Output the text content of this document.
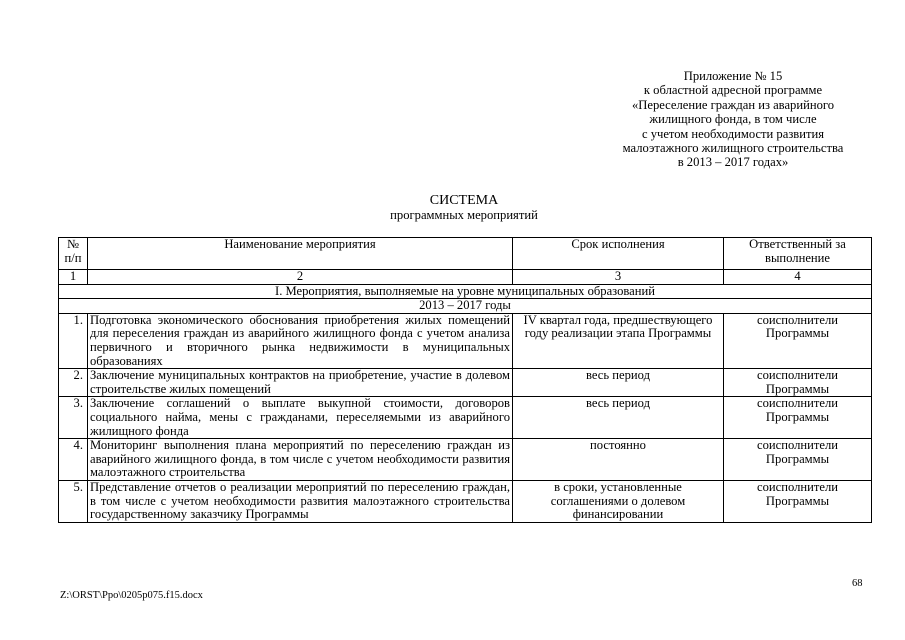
Приложение № 15
к областной адресной программе
«Переселение граждан из аварийного
жилищного фонда, в том числе
с учетом необходимости развития
малоэтажного жилищного строительства
в 2013 – 2017 годах»
СИСТЕМА
программных мероприятий
№ п/п	Наименование мероприятия	Срок исполнения	Ответственный за выполнение
1	2	3	4
I. Мероприятия, выполняемые на уровне муниципальных образований			
2013 – 2017 годы			
1.	Подготовка экономического обоснования приобретения жилых помещений для переселения граждан из аварийного жилищного фонда с учетом анализа первичного и вторичного рынка недвижимости в муниципальных образованиях	IV квартал года, предшествующего году реализации этапа Программы	соисполнители Программы
2.	Заключение муниципальных контрактов на приобретение, участие в долевом строительстве жилых помещений	весь период	соисполнители Программы
3.	Заключение соглашений о выплате выкупной стоимости, договоров социального найма, мены с гражданами, переселяемыми из аварийного жилищного фонда	весь период	соисполнители Программы
4.	Мониторинг выполнения плана мероприятий по переселению граждан из аварийного жилищного фонда, в том числе с учетом необходимости развития малоэтажного строительства	постоянно	соисполнители Программы
5.	Представление отчетов о реализации мероприятий по переселению граждан, в том числе с учетом необходимости развития малоэтажного строительства государственному заказчику Программы	в сроки, установленные соглашениями о долевом финансировании	соисполнители Программы
68
Z:\ORST\Ppo\0205p075.f15.docx
